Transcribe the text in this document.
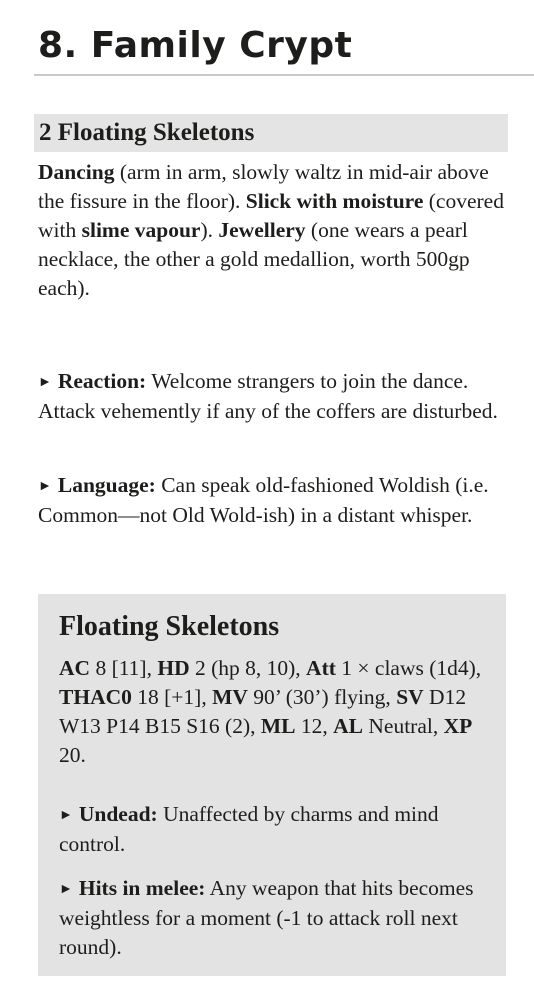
8. Family Crypt
2 Floating Skeletons

Dancing (arm in arm, slowly waltz in mid-air above the fissure in the floor). Slick with moisture (covered with slime vapour). Jewellery (one wears a pearl necklace, the other a gold medallion, worth 500gp each).

► Reaction: Welcome strangers to join the dance. Attack vehemently if any of the coffers are disturbed.

► Language: Can speak old-fashioned Woldish (i.e. Common—not Old Wold-ish) in a distant whisper.

Floating Skeletons

AC 8 [11], HD 2 (hp 8, 10), Att 1 × claws (1d4), THAC0 18 [+1], MV 90’ (30’) flying, SV D12 W13 P14 B15 S16 (2), ML 12, AL Neutral, XP 20.

► Undead: Unaffected by charms and mind control.

► Hits in melee: Any weapon that hits becomes weightless for a moment (-1 to attack roll next round).
